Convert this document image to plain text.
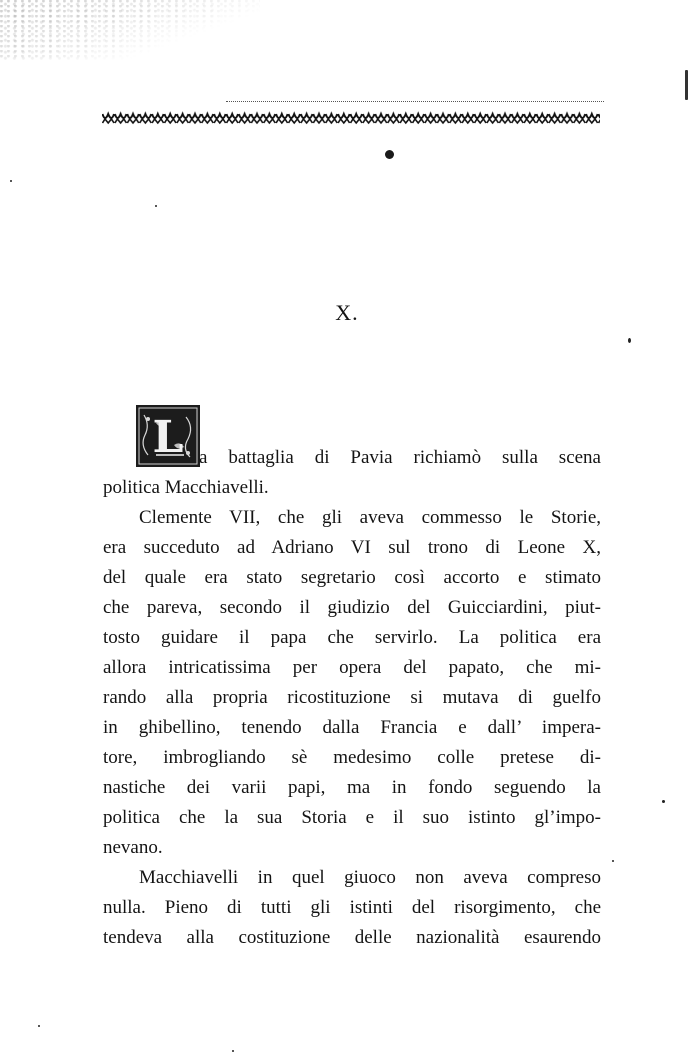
X.
L a battaglia di Pavia richiamò sulla scena
politica Macchiavelli.
Clemente VII, che gli aveva commesso le Storie,
era succeduto ad Adriano VI sul trono di Leone X,
del quale era stato segretario così accorto e stimato
che pareva, secondo il giudizio del Guicciardini, piut-
tosto guidare il papa che servirlo. La politica era
allora intricatissima per opera del papato, che mi-
rando alla propria ricostituzione si mutava di guelfo
in ghibellino, tenendo dalla Francia e dall’ impera-
tore, imbrogliando sè medesimo colle pretese di-
nastiche dei varii papi, ma in fondo seguendo la
politica che la sua Storia e il suo istinto gl’impo-
nevano.
Macchiavelli in quel giuoco non aveva compreso
nulla. Pieno di tutti gli istinti del risorgimento, che
tendeva alla costituzione delle nazionalità esaurendo
